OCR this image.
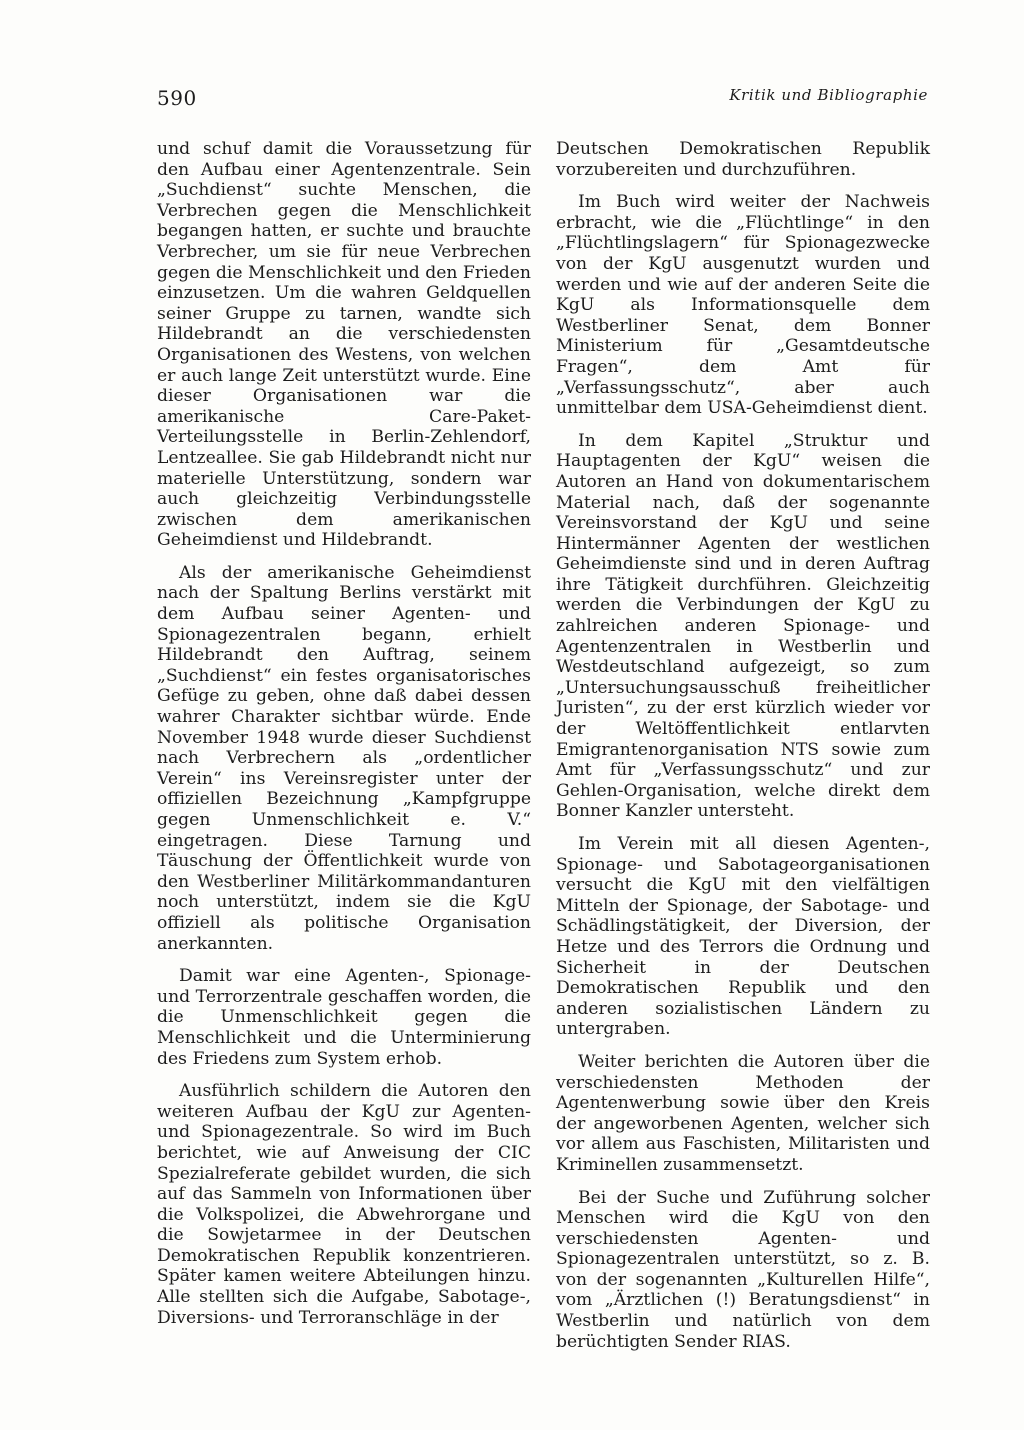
590	Kritik und Bibliographie

und schuf damit die Voraussetzung für den Aufbau einer Agentenzentrale. Sein „Suchdienst“ suchte Menschen, die Verbrechen gegen die Menschlichkeit begangen hatten, er suchte und brauchte Verbrecher, um sie für neue Verbrechen gegen die Menschlichkeit und den Frieden einzusetzen. Um die wahren Geldquellen seiner Gruppe zu tarnen, wandte sich Hildebrandt an die verschiedensten Organisationen des Westens, von welchen er auch lange Zeit unterstützt wurde. Eine dieser Organisationen war die amerikanische Care-Paket-Verteilungsstelle in Berlin-Zehlendorf, Lentzeallee. Sie gab Hildebrandt nicht nur materielle Unterstützung, sondern war auch gleichzeitig Verbindungsstelle zwischen dem amerikanischen Geheimdienst und Hildebrandt.

Als der amerikanische Geheimdienst nach der Spaltung Berlins verstärkt mit dem Aufbau seiner Agenten- und Spionagezentralen begann, erhielt Hildebrandt den Auftrag, seinem „Suchdienst“ ein festes organisatorisches Gefüge zu geben, ohne daß dabei dessen wahrer Charakter sichtbar würde. Ende November 1948 wurde dieser Suchdienst nach Verbrechern als „ordentlicher Verein“ ins Vereinsregister unter der offiziellen Bezeichnung „Kampfgruppe gegen Unmenschlichkeit e. V.“ eingetragen. Diese Tarnung und Täuschung der Öffentlichkeit wurde von den Westberliner Militärkommandanturen noch unterstützt, indem sie die KgU offiziell als politische Organisation anerkannten.

Damit war eine Agenten-, Spionage- und Terrorzentrale geschaffen worden, die die Unmenschlichkeit gegen die Menschlichkeit und die Unterminierung des Friedens zum System erhob.

Ausführlich schildern die Autoren den weiteren Aufbau der KgU zur Agenten- und Spionagezentrale. So wird im Buch berichtet, wie auf Anweisung der CIC Spezialreferate gebildet wurden, die sich auf das Sammeln von Informationen über die Volkspolizei, die Abwehrorgane und die Sowjetarmee in der Deutschen Demokratischen Republik konzentrieren. Später kamen weitere Abteilungen hinzu. Alle stellten sich die Aufgabe, Sabotage-, Diversions- und Terroranschläge in der

Deutschen Demokratischen Republik vorzubereiten und durchzuführen.

Im Buch wird weiter der Nachweis erbracht, wie die „Flüchtlinge“ in den „Flüchtlingslagern“ für Spionagezwecke von der KgU ausgenutzt wurden und werden und wie auf der anderen Seite die KgU als Informationsquelle dem Westberliner Senat, dem Bonner Ministerium für „Gesamtdeutsche Fragen“, dem Amt für „Verfassungsschutz“, aber auch unmittelbar dem USA-Geheimdienst dient.

In dem Kapitel „Struktur und Hauptagenten der KgU“ weisen die Autoren an Hand von dokumentarischem Material nach, daß der sogenannte Vereinsvorstand der KgU und seine Hintermänner Agenten der westlichen Geheimdienste sind und in deren Auftrag ihre Tätigkeit durchführen. Gleichzeitig werden die Verbindungen der KgU zu zahlreichen anderen Spionage- und Agentenzentralen in Westberlin und Westdeutschland aufgezeigt, so zum „Untersuchungsausschuß freiheitlicher Juristen“, zu der erst kürzlich wieder vor der Weltöffentlichkeit entlarvten Emigrantenorganisation NTS sowie zum Amt für „Verfassungsschutz“ und zur Gehlen-Organisation, welche direkt dem Bonner Kanzler untersteht.

Im Verein mit all diesen Agenten-, Spionage- und Sabotageorganisationen versucht die KgU mit den vielfältigen Mitteln der Spionage, der Sabotage- und Schädlingstätigkeit, der Diversion, der Hetze und des Terrors die Ordnung und Sicherheit in der Deutschen Demokratischen Republik und den anderen sozialistischen Ländern zu untergraben.

Weiter berichten die Autoren über die verschiedensten Methoden der Agentenwerbung sowie über den Kreis der angeworbenen Agenten, welcher sich vor allem aus Faschisten, Militaristen und Kriminellen zusammensetzt.

Bei der Suche und Zuführung solcher Menschen wird die KgU von den verschiedensten Agenten- und Spionagezentralen unterstützt, so z. B. von der sogenannten „Kulturellen Hilfe“, vom „Ärztlichen (!) Beratungsdienst“ in Westberlin und natürlich von dem berüchtigten Sender RIAS.
